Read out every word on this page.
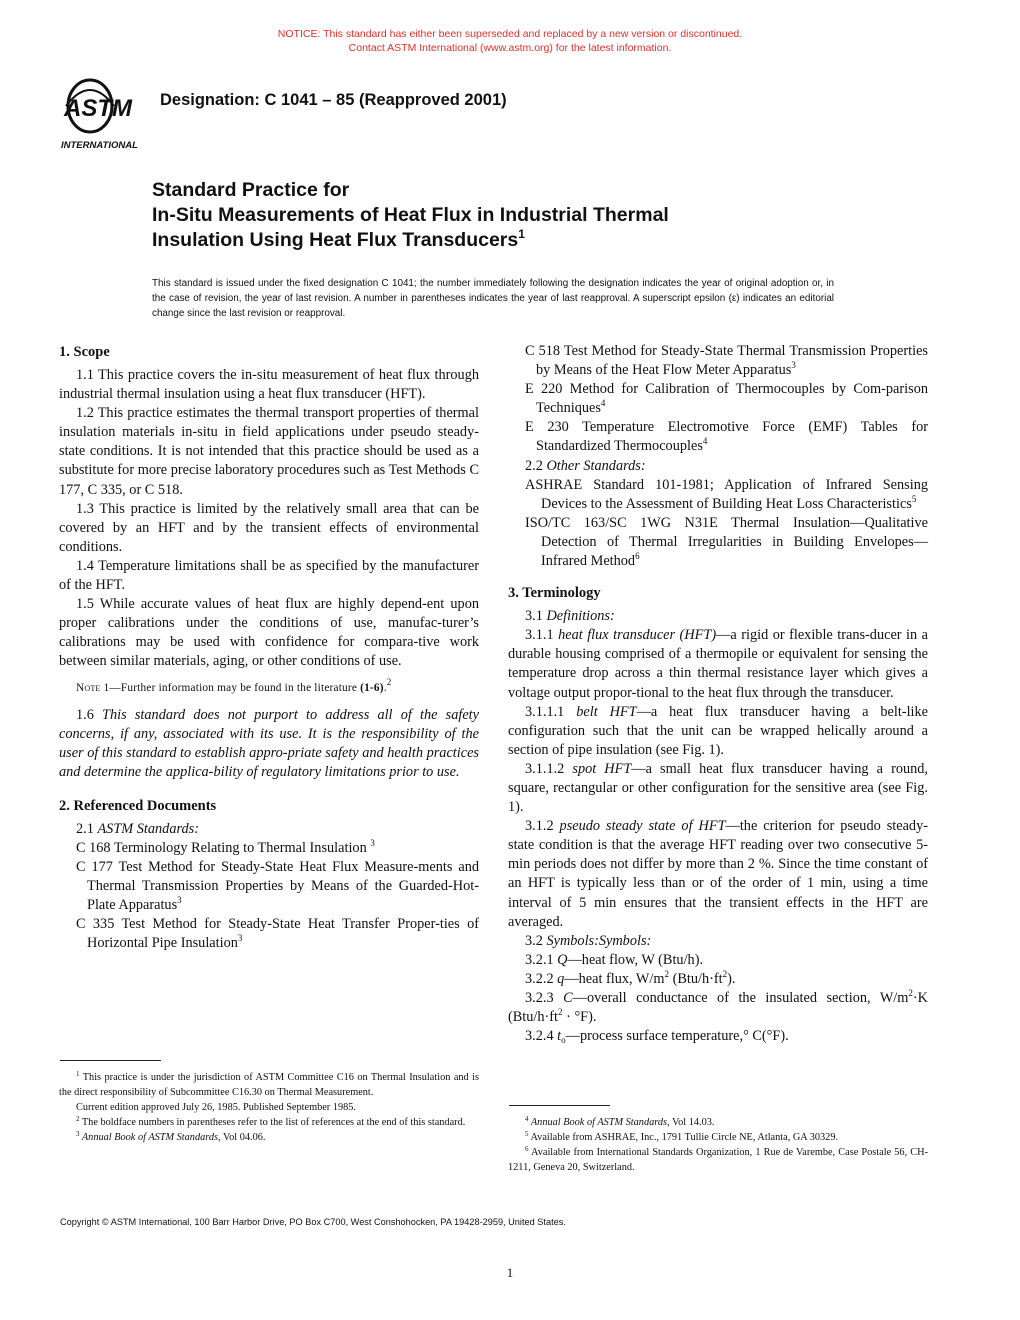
NOTICE: This standard has either been superseded and replaced by a new version or discontinued.
Contact ASTM International (www.astm.org) for the latest information.
ASTM
INTERNATIONAL
Designation: C 1041 – 85 (Reapproved 2001)
Standard Practice for
In-Situ Measurements of Heat Flux in Industrial Thermal
Insulation Using Heat Flux Transducers$^1$
This standard is issued under the fixed designation C 1041; the number immediately following the designation indicates the year of original adoption or, in the case of revision, the year of last revision. A number in parentheses indicates the year of last reapproval. A superscript epsilon (ε) indicates an editorial change since the last revision or reapproval.
1. Scope

1.1 This practice covers the in-situ measurement of heat flux through industrial thermal insulation using a heat flux transducer (HFT).

1.2 This practice estimates the thermal transport properties of thermal insulation materials in-situ in field applications under pseudo steady-state conditions. It is not intended that this practice should be used as a substitute for more precise laboratory procedures such as Test Methods C 177, C 335, or C 518.

1.3 This practice is limited by the relatively small area that can be covered by an HFT and by the transient effects of environmental conditions.

1.4 Temperature limitations shall be as specified by the manufacturer of the HFT.

1.5 While accurate values of heat flux are highly depend-ent upon proper calibrations under the conditions of use, manufac-turer’s calibrations may be used with confidence for compara-tive work between similar materials, aging, or other conditions of use.

Note 1—Further information may be found in the literature (1-6).$^2$

1.6 This standard does not purport to address all of the safety concerns, if any, associated with its use. It is the responsibility of the user of this standard to establish appro-priate safety and health practices and determine the applica-bility of regulatory limitations prior to use.

2. Referenced Documents

2.1 ASTM Standards:

C 168 Terminology Relating to Thermal Insulation $^3$

C 177 Test Method for Steady-State Heat Flux Measure-ments and Thermal Transmission Properties by Means of the Guarded-Hot-Plate Apparatus$^3$

C 335 Test Method for Steady-State Heat Transfer Proper-ties of Horizontal Pipe Insulation$^3$

C 518 Test Method for Steady-State Thermal Transmission Properties by Means of the Heat Flow Meter Apparatus$^3$

E 220 Method for Calibration of Thermocouples by Com-parison Techniques$^4$

E 230 Temperature Electromotive Force (EMF) Tables for Standardized Thermocouples$^4$

2.2 Other Standards:

ASHRAE Standard 101-1981; Application of Infrared Sensing Devices to the Assessment of Building Heat Loss Characteristics$^5$

ISO/TC 163/SC 1WG N31E Thermal Insulation—Qualitative Detection of Thermal Irregularities in Building Envelopes—Infrared Method$^6$

3. Terminology

3.1 Definitions:

3.1.1 heat flux transducer (HFT)—a rigid or flexible trans-ducer in a durable housing comprised of a thermopile or equivalent for sensing the temperature drop across a thin thermal resistance layer which gives a voltage output propor-tional to the heat flux through the transducer.

3.1.1.1 belt HFT—a heat flux transducer having a belt-like configuration such that the unit can be wrapped helically around a section of pipe insulation (see Fig. 1).

3.1.1.2 spot HFT—a small heat flux transducer having a round, square, rectangular or other configuration for the sensitive area (see Fig. 1).

3.1.2 pseudo steady state of HFT—the criterion for pseudo steady-state condition is that the average HFT reading over two consecutive 5-min periods does not differ by more than 2 %. Since the time constant of an HFT is typically less than or of the order of 1 min, using a time interval of 5 min ensures that the transient effects in the HFT are averaged.

3.2 Symbols:Symbols:

3.2.1 Q—heat flow, W (Btu/h).

3.2.2 q—heat flux, $W/m^2$ $(Btu/h\cdot ft^2)$.

3.2.3 C—overall conductance of the insulated section, $W/m^2\cdot K$ $(Btu/h\cdot ft^2 \cdot ^\circ F)$.

3.2.4 $t_o—process$ surface temperature,° C(°F).

$^1$ This practice is under the jurisdiction of ASTM Committee C16 on Thermal Insulation and is the direct responsibility of Subcommittee C16.30 on Thermal Measurement.

Current edition approved July 26, 1985. Published September 1985.

$^2$ The boldface numbers in parentheses refer to the list of references at the end of this standard.

$^3$ Annual Book of ASTM Standards, Vol 04.06.

$^4$ Annual Book of ASTM Standards, Vol 14.03.

$^5$ Available from ASHRAE, Inc., 1791 Tullie Circle NE, Atlanta, GA 30329.

$^6$ Available from International Standards Organization, 1 Rue de Varembe, Case Postale 56, CH-1211, Geneva 20, Switzerland.

Copyright © ASTM International, 100 Barr Harbor Drive, PO Box C700, West Conshohocken, PA 19428-2959, United States.
1
